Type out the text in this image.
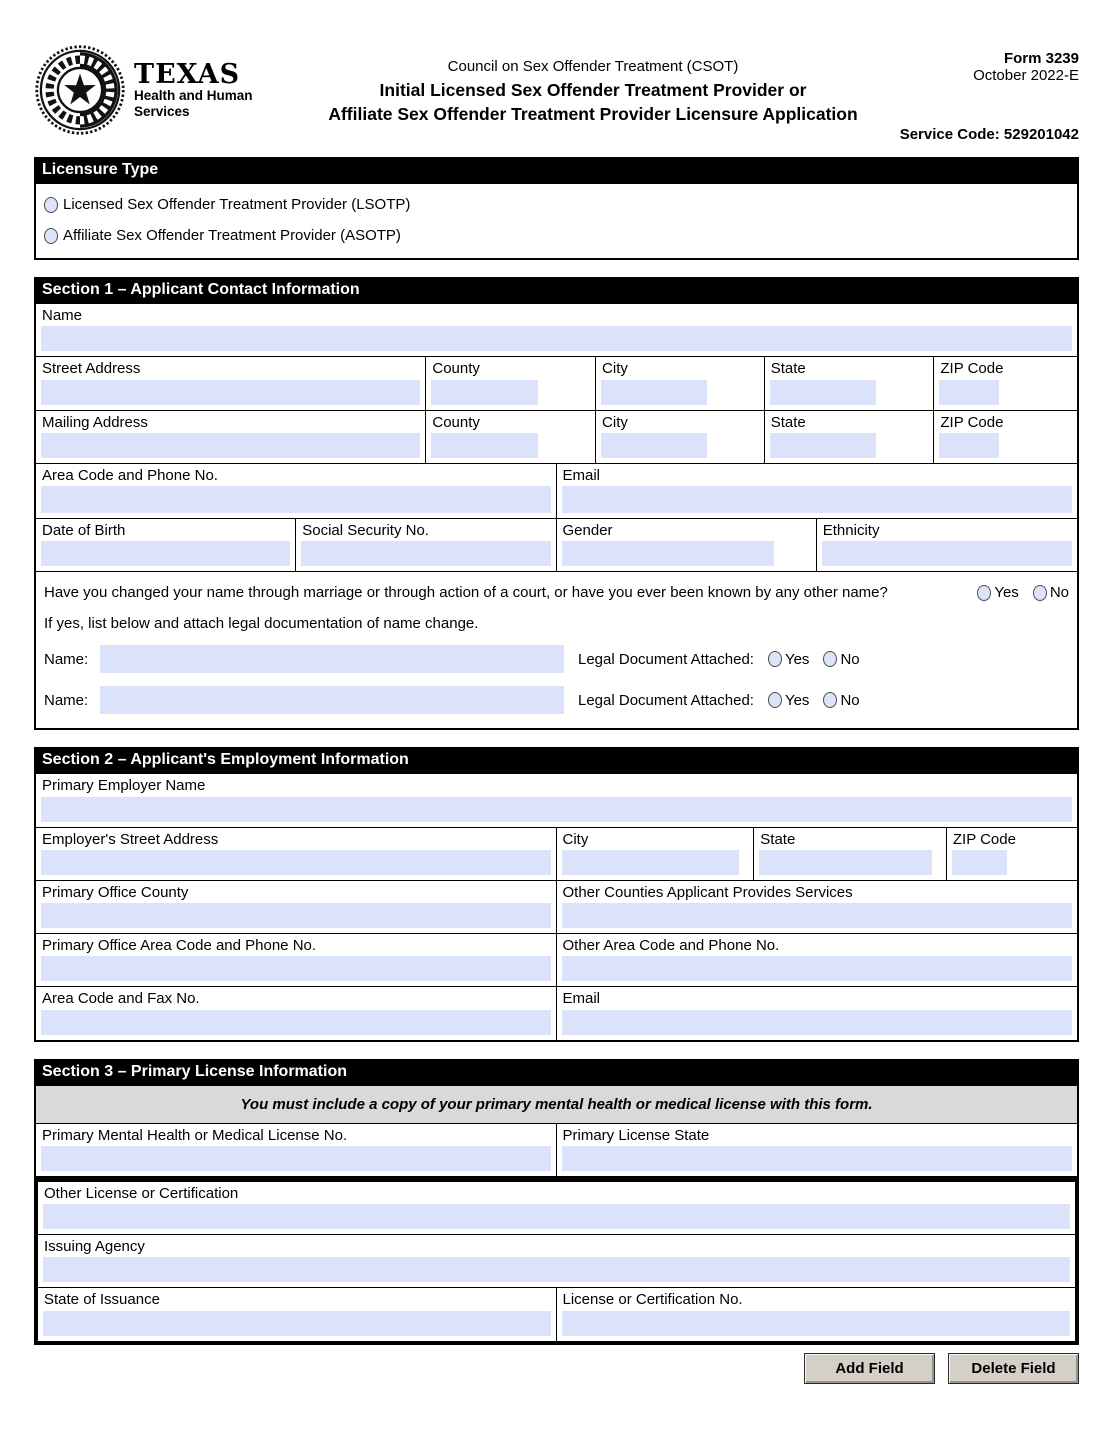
TEXAS
Health and Human
Services
Council on Sex Offender Treatment (CSOT)
Initial Licensed Sex Offender Treatment Provider or
Affiliate Sex Offender Treatment Provider Licensure Application
Form 3239
October 2022-E
Service Code: 529201042
Licensure Type
Licensed Sex Offender Treatment Provider (LSOTP)
Affiliate Sex Offender Treatment Provider (ASOTP)
Section 1 – Applicant Contact Information
Name
Street Address	County	City	State	ZIP Code
Mailing Address	County	City	State	ZIP Code
Area Code and Phone No.	Email
Date of Birth	Social Security No.	Gender	Ethnicity
Have you changed your name through marriage or through action of a court, or have you ever been known by any other name?	Yes No
If yes, list below and attach legal documentation of name change.
Name:	Legal Document Attached: Yes No
Name:	Legal Document Attached: Yes No
Section 2 – Applicant's Employment Information
Primary Employer Name
Employer's Street Address	City	State	ZIP Code
Primary Office County	Other Counties Applicant Provides Services
Primary Office Area Code and Phone No.	Other Area Code and Phone No.
Area Code and Fax No.	Email
Section 3 – Primary License Information
You must include a copy of your primary mental health or medical license with this form.
Primary Mental Health or Medical License No.	Primary License State
Other License or Certification
Issuing Agency
State of Issuance	License or Certification No.
Add Field	Delete Field
